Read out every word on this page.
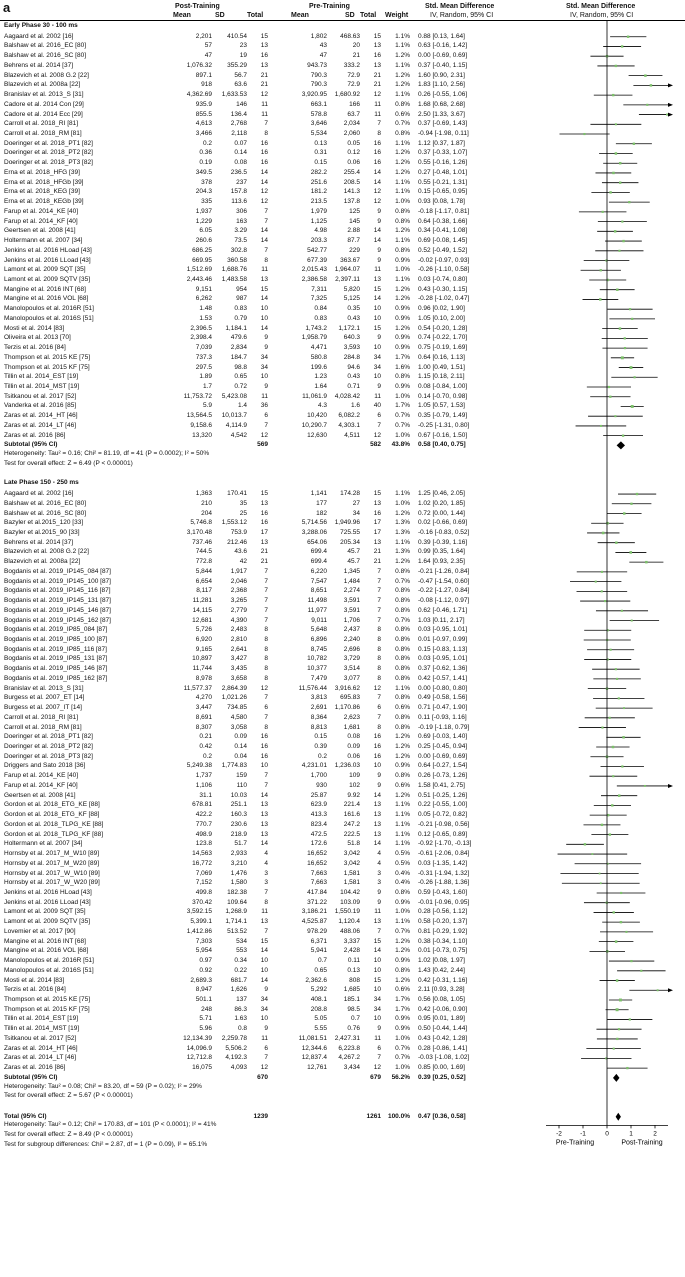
a	Post-Training	Pre-Training	Std. Mean Difference
IV, Random, 95% CI
Std. Mean Difference
IV, Random, 95% CI
Mean	SD	Total	Mean	SD Total Weight
Early Phase 30 - 100 ms
Aagaard et al. 2002 [16]	2,201 410.54 15	1,802 468.63 15 1.1% 0.88 [0.13, 1.64]
Balshaw et al. 2016_EC [80]	57	23 13	43	20 13 1.1% 0.63 [-0.16, 1.42]
Balshaw et al. 2016_SC [80]	47	19 16	47	21 16 1.2% 0.00 [-0.69, 0.69]
Behrens et al. 2014 [37]	1,076.32 355.29 13	943.73	333.2 13 1.1% 0.37 [-0.40, 1.15]
Blazevich et al. 2008 G.2 [22]	897.1	56.7 21	790.3	72.9 21 1.2% 1.60 [0.90, 2.31]
Blazevich et al. 2008a [22]	918	63.6 21	790.3	72.9 21 1.2% 1.83 [1.10, 2.56]
Branislav et al. 2013_S [31]	4,362.69 1,633.53 12	3,920.95 1,680.92 12 1.1% 0.26 [-0.55, 1.06]
Cadore et al. 2014 Con [29]	935.9	146 11	663.1	166 11 0.8% 1.68 [0.68, 2.68]
Cadore et al. 2014 Ecc [29]	855.5	136.4 11	578.8	63.7 11 0.6% 2.50 [1.33, 3.67]
Carroll et al. 2018_RI [81]	4,613	2,768	7	3,646	2,034	7 0.7% 0.37 [-0.69, 1.43]
Carroll et al. 2018_RM [81]	3,466	2,118	8	5,534	2,060	8 0.8% -0.94 [-1.98, 0.11]
Doeringer et al. 2018_PT1 [82]	0.2	0.07 16	0.13	0.05 16 1.1% 1.12 [0.37, 1.87]
Doeringer et al. 2018_PT2 [82]	0.36	0.14 16	0.31	0.12 16 1.2% 0.37 [-0.33, 1.07]
Doeringer et al. 2018_PT3 [82]	0.19	0.08 16	0.15	0.06 16 1.2% 0.55 [-0.16, 1.26]
Erna et al. 2018_HFG [39]	349.5	236.5 14	282.2	255.4 14 1.2% 0.27 [-0.48, 1.01]
Erna et al. 2018_HFGb [39]	378	237 14	251.6	208.5 14 1.1% 0.55 [-0.21, 1.31]
Erna et al. 2018_KEG [39]	204.3	157.8 12	181.2	141.3 12 1.1% 0.15 [-0.65, 0.95]
Erna et al. 2018_KEGb [39]	335	113.6 12	213.5	137.8 12 1.0% 0.93 [0.08, 1.78]
Farup et al. 2014_KE [40]	1,937	306	7	1,979	125	9 0.8% -0.18 [-1.17, 0.81]
Farup et al. 2014_KF [40]	1,229	163	7	1,125	145	9 0.8% 0.64 [-0.38, 1.66]
Geertsen et al. 2008 [41]	6.05	3.29 14	4.98	2.88 14 1.2% 0.34 [-0.41, 1.08]
Holtermann et al. 2007 [34]	260.6	73.5 14	203.3	87.7 14 1.1% 0.69 [-0.08, 1.45]
Jenkins et al. 2016 HLoad [43]	686.25	302.8	7	542.77	229	9 0.8% 0.52 [-0.49, 1.52]
Jenkins et al. 2016 LLoad [43]	669.95 360.58	8	677.39 363.67	9 0.9% -0.02 [-0.97, 0.93]
Lamont et al. 2009 SQT [35]	1,512.69 1,688.76 11	2,015.43 1,964.07 11 1.0% -0.26 [-1.10, 0.58]
Lamont et al. 2009 SQTV [35]	2,443.46 1,483.58 13	2,386.58 2,397.11 13 1.1% 0.03 [-0.74, 0.80]
Mangine et al. 2016 INT [68]	9,151	954 15	7,311	5,820 15 1.2% 0.43 [-0.30, 1.15]
Mangine et al. 2016 VOL [68]	6,262	987 14	7,325	5,125 14 1.2% -0.28 [-1.02, 0.47]
Manolopoulos et al. 2016R [51]	1.48	0.83 10	0.84	0.35 10 0.9% 0.96 [0.02, 1.90]
Manolopoulos et al. 2016S [51]	1.53	0.79 10	0.83	0.43 10 0.9% 1.05 [0.10, 2.00]
Mosti et al. 2014 [83]	2,396.5 1,184.1 14	1,743.2 1,172.1 15 1.2% 0.54 [-0.20, 1.28]
Oliveira et al. 2013 [70]	2,398.4	479.6	9	1,958.79	640.3	9 0.9% 0.74 [-0.22, 1.70]
Terzis et al. 2016 [84]	7,039	2,834	9	4,471	3,593 10 0.9% 0.75 [-0.19, 1.69]
Thompson et al. 2015 KE [75]	737.3	184.7 34	580.8	284.8 34 1.7% 0.64 [0.16, 1.13]
Thompson et al. 2015 KF [75]	297.5	98.8 34	199.6	94.6 34 1.6% 1.00 [0.49, 1.51]
Tillin et al. 2014_EST [19]	1.89	0.65 10	1.23	0.43 10 0.8% 1.15 [0.18, 2.11]
Tillin et al. 2014_MST [19]	1.7	0.72	9	1.64	0.71	9 0.9% 0.08 [-0.84, 1.00]
Tsitkanou et al. 2017 [52]	11,753.72 5,423.08 11	11,061.9 4,028.42 11 1.0% 0.14 [-0.70, 0.98]
Vanderka et al. 2016 [85]	5.9	1.4 36	4.3	1.6 40 1.7% 1.05 [0.57, 1.53]
Zaras et al. 2014_HT [46]	13,564.5 10,013.7	6	10,420 6,082.2	6 0.7% 0.35 [-0.79, 1.49]
Zaras et al. 2014_LT [46]	9,158.6 4,114.9	7	10,290.7 4,303.1	7 0.7% -0.25 [-1.31, 0.80]
Zaras et al. 2016 [86]	13,320	4,542 12	12,630	4,511 12 1.0% 0.67 [-0.16, 1.50]
Subtotal (95% CI)	569	582 43.8% 0.58 [0.40, 0.75]
Heterogeneity: Tau² = 0.16; Chi² = 81.19, df = 41 (P = 0.0002); I² = 50%
Test for overall effect: Z = 6.49 (P < 0.00001)
Late Phase 150 - 250 ms
Aagaard et al. 2002 [16]	1,363 170.41 15	1,141 174.28 15 1.1% 1.25 [0.46, 2.05]
Balshaw et al. 2016_EC [80]	210	35 13	177	27 13 1.0% 1.02 [0.20, 1.85]
Balshaw et al. 2016_SC [80]	204	25 16	182	34 16 1.2% 0.72 [0.00, 1.44]
Bazyler et al.2015_120 [33]	5,746.8 1,553.12 16	5,714.56 1,949.96 17 1.3% 0.02 [-0.66, 0.69]
Bazyler et al.2015_90 [33]	3,170.48	753.9 17	3,288.06 725.55 17 1.3% -0.16 [-0.83, 0.52]
Behrens et al. 2014 [37]	737.46 212.46 13	654.06 205.34 13 1.1% 0.39 [-0.39, 1.16]
Blazevich et al. 2008 G.2 [22]	744.5	43.6 21	699.4	45.7 21 1.3% 0.99 [0.35, 1.64]
Blazevich et al. 2008a [22]	772.8	42 21	699.4	45.7 21 1.2% 1.64 [0.93, 2.35]
Bogdanis et al. 2019_IP145_084 [87]	5,844	1,917	7	6,220	1,345	7 0.8% -0.21 [-1.26, 0.84]
Bogdanis et al. 2019_IP145_100 [87]	6,654	2,046	7	7,547	1,484	7 0.7% -0.47 [-1.54, 0.60]
Bogdanis et al. 2019_IP145_116 [87]	8,117	2,368	7	8,651	2,274	7 0.8% -0.22 [-1.27, 0.84]
Bogdanis et al. 2019_IP145_131 [87]	11,281	3,265	7	11,498	3,591	7 0.8% -0.08 [-1.12, 0.97]
Bogdanis et al. 2019_IP145_146 [87]	14,115	2,779	7	11,977	3,591	7 0.8% 0.62 [-0.46, 1.71]
Bogdanis et al. 2019_IP145_162 [87]	12,681	4,390	7	9,011	1,706	7 0.7% 1.03 [0.11, 2.17]
Bogdanis et al. 2019_IP85_084 [87]	5,726	2,483	8	5,648	2,437	8 0.8% 0.03 [-0.95, 1.01]
Bogdanis et al. 2019_IP85_100 [87]	6,920	2,810	8	6,896	2,240	8 0.8% 0.01 [-0.97, 0.99]
Bogdanis et al. 2019_IP85_116 [87]	9,165	2,641	8	8,745	2,696	8 0.8% 0.15 [-0.83, 1.13]
Bogdanis et al. 2019_IP85_131 [87]	10,897	3,427	8	10,782	3,729	8 0.8% 0.03 [-0.95, 1.01]
Bogdanis et al. 2019_IP85_146 [87]	11,744	3,435	8	10,377	3,514	8 0.8% 0.37 [-0.62, 1.36]
Bogdanis et al. 2019_IP85_162 [87]	8,978	3,658	8	7,479	3,077	8 0.8% 0.42 [-0.57, 1.41]
Branislav et al. 2013_S [31]	11,577.37 2,864.39 12	11,576.44 3,916.62 12 1.1% 0.00 [-0.80, 0.80]
Burgess et al. 2007_ET [14]	4,270 1,021.26	7	3,813 695.83	7 0.8% 0.49 [-0.58, 1.56]
Burgess et al. 2007_IT [14]	3,447 734.85	6	2,691 1,170.86	6 0.6% 0.71 [-0.47, 1.90]
Carroll et al. 2018_RI [81]	8,691	4,580	7	8,364	2,623	7 0.8% 0.11 [-0.93, 1.16]
Carroll et al. 2018_RM [81]	8,307	3,058	8	8,813	1,681	8 0.8% -0.19 [-1.18, 0.79]
Doeringer et al. 2018_PT1 [82]	0.21	0.09 16	0.15	0.08 16 1.2% 0.69 [-0.03, 1.40]
Doeringer et al. 2018_PT2 [82]	0.42	0.14 16	0.39	0.09 16 1.2% 0.25 [-0.45, 0.94]
Doeringer et al. 2018_PT3 [82]	0.2	0.04 16	0.2	0.06 16 1.2% 0.00 [-0.69, 0.69]
Driggers and Sato 2018 [36]	5,249.38 1,774.83 10	4,231.01 1,236.03 10 0.9% 0.64 [-0.27, 1.54]
Farup et al. 2014_KE [40]	1,737	159	7	1,700	109	9 0.8% 0.26 [-0.73, 1.26]
Farup et al. 2014_KF [40]	1,106	110	7	930	102	9 0.6% 1.58 [0.41, 2.75]
Geertsen et al. 2008 [41]	31.1	10.03 14	25.87	9.92 14 1.2% 0.51 [-0.25, 1.26]
Gordon et al. 2018_ETG_KE [88]	678.81	251.1 13	623.9	221.4 13 1.1% 0.22 [-0.55, 1.00]
Gordon et al. 2018_ETG_KF [88]	422.2	160.3 13	413.3	161.6 13 1.1% 0.05 [-0.72, 0.82]
Gordon et al. 2018_TLPG_KE [88]	770.7	230.6 13	823.4	247.2 13 1.1% -0.21 [-0.98, 0.56]
Gordon et al. 2018_TLPG_KF [88]	498.9	218.9 13	472.5	222.5 13 1.1% 0.12 [-0.65, 0.89]
Holtermann et al. 2007 [34]	123.8	51.7 14	172.6	51.8 14 1.1% -0.92 [-1.70, -0.13]
Hornsby et al. 2017_M_W10 [89]	14,563	2,933	4	16,652	3,042	4 0.5% -0.61 [-2.06, 0.84]
Hornsby et al. 2017_M_W20 [89]	16,772	3,210	4	16,652	3,042	4 0.5% 0.03 [-1.35, 1.42]
Hornsby et al. 2017_W_W10 [89]	7,069	1,476	3	7,663	1,581	3 0.4% -0.31 [-1.94, 1.32]
Hornsby et al. 2017_W_W20 [89]	7,152	1,580	3	7,663	1,581	3 0.4% -0.26 [-1.88, 1.36]
Jenkins et al. 2016 HLoad [43]	499.8 182.38	7	417.84 104.42	9 0.8% 0.59 [-0.43, 1.60]
Jenkins et al. 2016 LLoad [43]	370.42 109.64	8	371.22 103.09	9 0.9% -0.01 [-0.96, 0.95]
Lamont et al. 2009 SQT [35]	3,592.15 1,268.9 11	3,186.21 1,550.19 11 1.0% 0.28 [-0.56, 1.12]
Lamont et al. 2009 SQTV [35]	5,399.1 1,714.1 13	4,525.87 1,120.4 13 1.1% 0.58 [-0.20, 1.37]
Lovemier et al. 2017 [90]	1,412.86 513.52	7	978.29 488.06	7 0.7% 0.81 [-0.29, 1.92]
Mangine et al. 2016 INT [68]	7,303	534 15	6,371	3,337 15 1.2% 0.38 [-0.34, 1.10]
Mangine et al. 2016 VOL [68]	5,954	553 14	5,941	2,428 14 1.2% 0.01 [-0.73, 0.75]
Manolopoulos et al. 2016R [51]	0.97	0.34 10	0.7	0.11 10 0.9% 1.02 [0.08, 1.97]
Manolopoulos et al. 2016S [51]	0.92	0.22 10	0.65	0.13 10 0.8% 1.43 [0.42, 2.44]
Mosti et al. 2014 [83]	2,689.3	681.7 14	2,362.6	808 15 1.2% 0.42 [-0.31, 1.16]
Terzis et al. 2016 [84]	8,947	1,626	9	5,292	1,685 10 0.6% 2.11 [0.93, 3.28]
Thompson et al. 2015 KE [75]	501.1	137 34	408.1	185.1 34 1.7% 0.56 [0.08, 1.05]
Thompson et al. 2015 KF [75]	248	86.3 34	208.8	98.5 34 1.7% 0.42 [-0.06, 0.90]
Tillin et al. 2014_EST [19]	5.71	1.63 10	5.05	0.7 10 0.9% 0.95 [0.01, 1.89]
Tillin et al. 2014_MST [19]	5.96	0.8	9	5.55	0.76	9 0.9% 0.50 [-0.44, 1.44]
Tsitkanou et al. 2017 [52]	12,134.39 2,259.78 11	11,081.51 2,427.31 11 1.0% 0.43 [-0.42, 1.28]
Zaras et al. 2014_HT [46]	14,096.9 5,506.2	6	12,344.6 6,223.8	6 0.7% 0.28 [-0.86, 1.41]
Zaras et al. 2014_LT [46]	12,712.8 4,192.3	7	12,837.4 4,267.2	7 0.7% -0.03 [-1.08, 1.02]
Zaras et al. 2016 [86]	16,075	4,093 12	12,761	3,434 12 1.0% 0.85 [0.00, 1.69]
Subtotal (95% CI)	670	679 56.2% 0.39 [0.25, 0.52]
Heterogeneity: Tau² = 0.08; Chi² = 83.20, df = 59 (P = 0.02); I² = 29%
Test for overall effect: Z = 5.67 (P < 0.00001)
Total (95% CI)	1239	1261 100.0% 0.47 [0.36, 0.58]
Heterogeneity: Tau² = 0.12; Chi² = 170.83, df = 101 (P < 0.0001); I² = 41%
Test for overall effect: Z = 8.49 (P < 0.00001)
Test for subgroup differences: Chi² = 2.87, df = 1 (P = 0.09), I² = 65.1%
-2	-1	0	1	2
Pre-Training	Post-Training
